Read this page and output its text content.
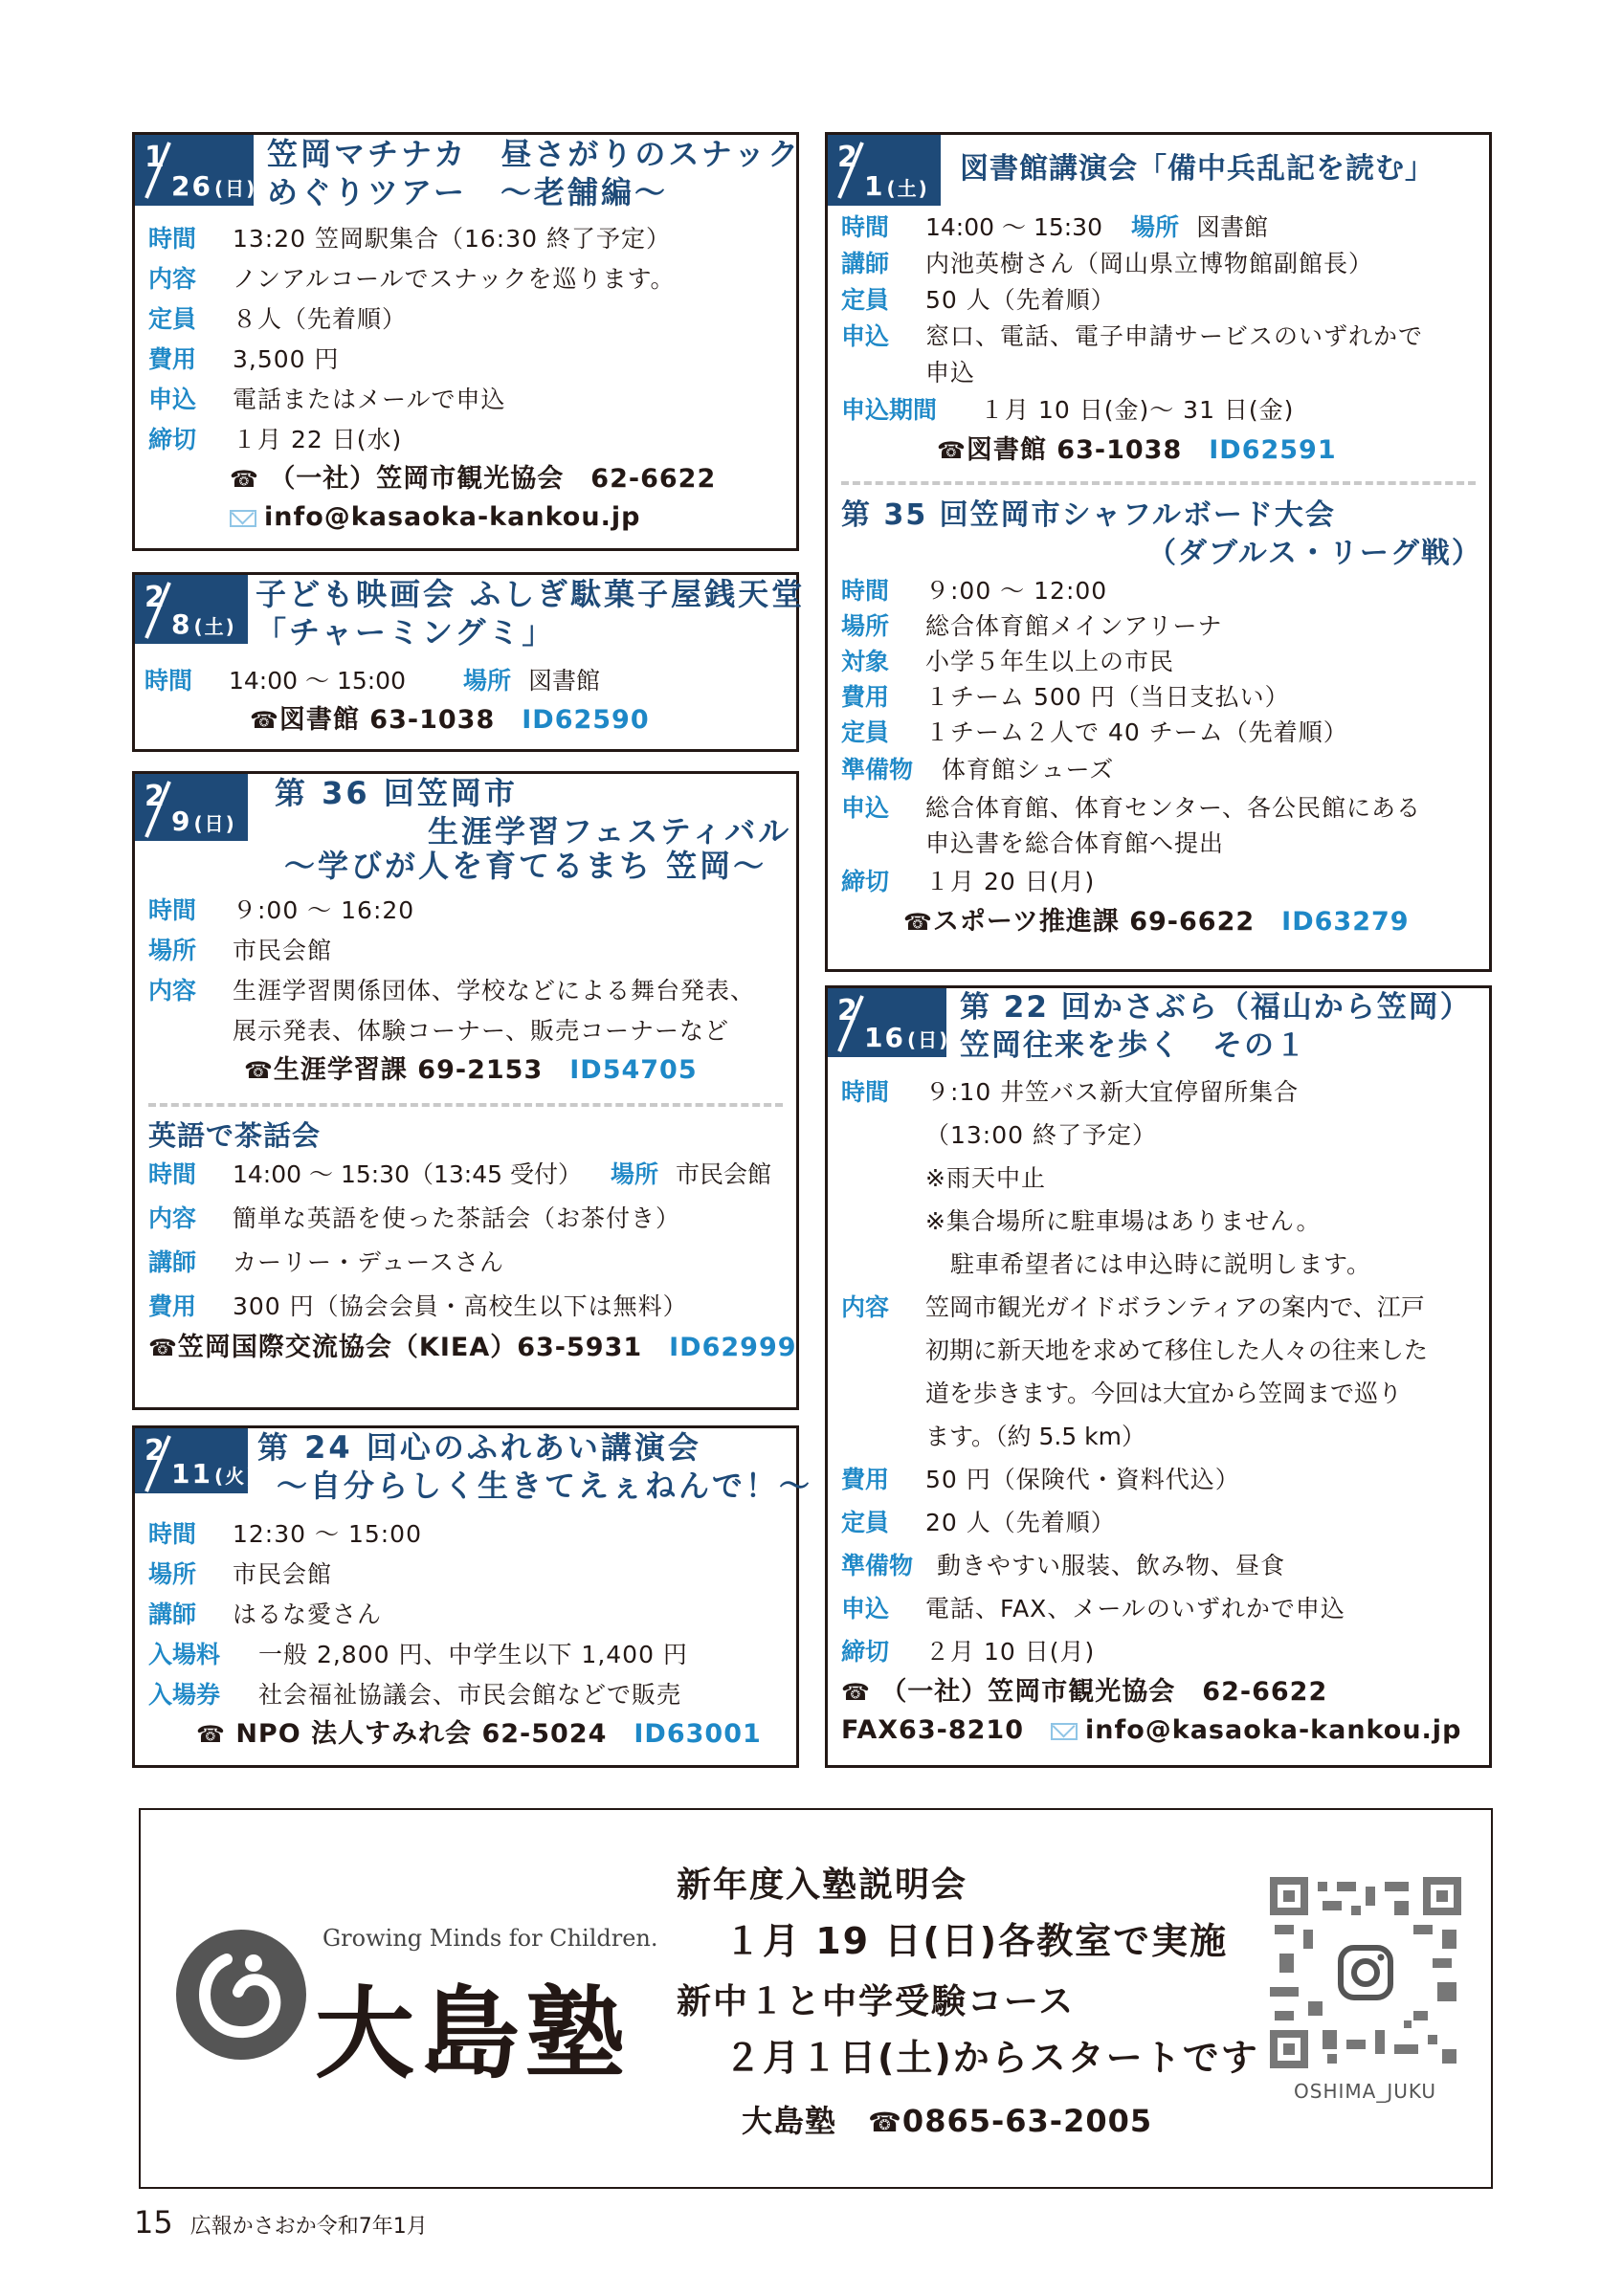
1
26 (日)
笠岡マチナカ　昼さがりのスナック
めぐりツアー　～老舗編～
時間	13:20 笠岡駅集合（16:30 終了予定）
内容	ノンアルコールでスナックを巡ります。
定員	８人（先着順）
費用	3,500 円
申込	電話またはメールで申込
締切	１月 22 日(水)
☎ （一社）笠岡市観光協会　62-6622
info@kasaoka-kankou.jp
2
8 (土)
子ども映画会 ふしぎ駄菓子屋銭天堂
「チャーミングミ」
時間	14:00 ～ 15:00 場所 図書館
☎図書館 63-1038　 ID62590
2
9 (日)
第 36 回笠岡市
生涯学習フェスティバル
～学びが人を育てるまち 笠岡～
時間	９:00 ～ 16:20
場所	市民会館
内容	生涯学習関係団体、学校などによる舞台発表、
展示発表、体験コーナー、販売コーナーなど
☎生涯学習課 69-2153　 ID54705
英語で茶話会
時間	14:00 ～ 15:30（13:45 受付） 場所 市民会館
内容	簡単な英語を使った茶話会（お茶付き）
講師	カーリー・デュースさん
費用	300 円（協会会員・高校生以下は無料）
☎笠岡国際交流協会（KIEA）63-5931　 ID62999
2
11 (火)
第 24 回心のふれあい講演会
～自分らしく生きてえぇねんで！～
時間	12:30 ～ 15:00
場所	市民会館
講師	はるな愛さん
入場料	一般 2,800 円、中学生以下 1,400 円
入場券	社会福祉協議会、市民会館などで販売
☎ NPO 法人すみれ会 62-5024　 ID63001
2
1 (土)
図書館講演会「備中兵乱記を読む」
時間	14:00 ～ 15:30 場所 図書館
講師	内池英樹さん（岡山県立博物館副館長）
定員	50 人（先着順）
申込	窓口、電話、電子申請サービスのいずれかで
申込
申込期間	１月 10 日(金)～ 31 日(金)
☎図書館 63-1038　 ID62591
第 35 回笠岡市シャフルボード大会
（ダブルス・リーグ戦）
時間	９:00 ～ 12:00
場所	総合体育館メインアリーナ
対象	小学５年生以上の市民
費用	１チーム 500 円（当日支払い）
定員	１チーム２人で 40 チーム（先着順）
準備物	体育館シューズ
申込	総合体育館、体育センター、各公民館にある
申込書を総合体育館へ提出
締切	１月 20 日(月)
☎スポーツ推進課 69-6622　 ID63279
2
16 (日)
第 22 回かさぶら（福山から笠岡）
笠岡往来を歩く　その１
時間	９:10 井笠バス新大宜停留所集合
（13:00 終了予定）
※雨天中止
※集合場所に駐車場はありません。
　駐車希望者には申込時に説明します。
内容	笠岡市観光ガイドボランティアの案内で、江戸
初期に新天地を求めて移住した人々の往来した
道を歩きます。今回は大宜から笠岡まで巡り
ます。（約 5.5 km）
費用	50 円（保険代・資料代込）
定員	20 人（先着順）
準備物 動きやすい服装、飲み物、昼食
申込	電話、FAX、メールのいずれかで申込
締切	２月 10 日(月)
☎ （一社）笠岡市観光協会　62-6622
FAX63-8210　 info@kasaoka-kankou.jp
Growing Minds for Children.
大島塾
新年度入塾説明会
１月 19 日(日)各教室で実施
新中１と中学受験コース
２月１日(土)からスタートです
大島塾　 ☎0865-63-2005
OSHIMA_JUKU
15 広報かさおか令和7年1月
